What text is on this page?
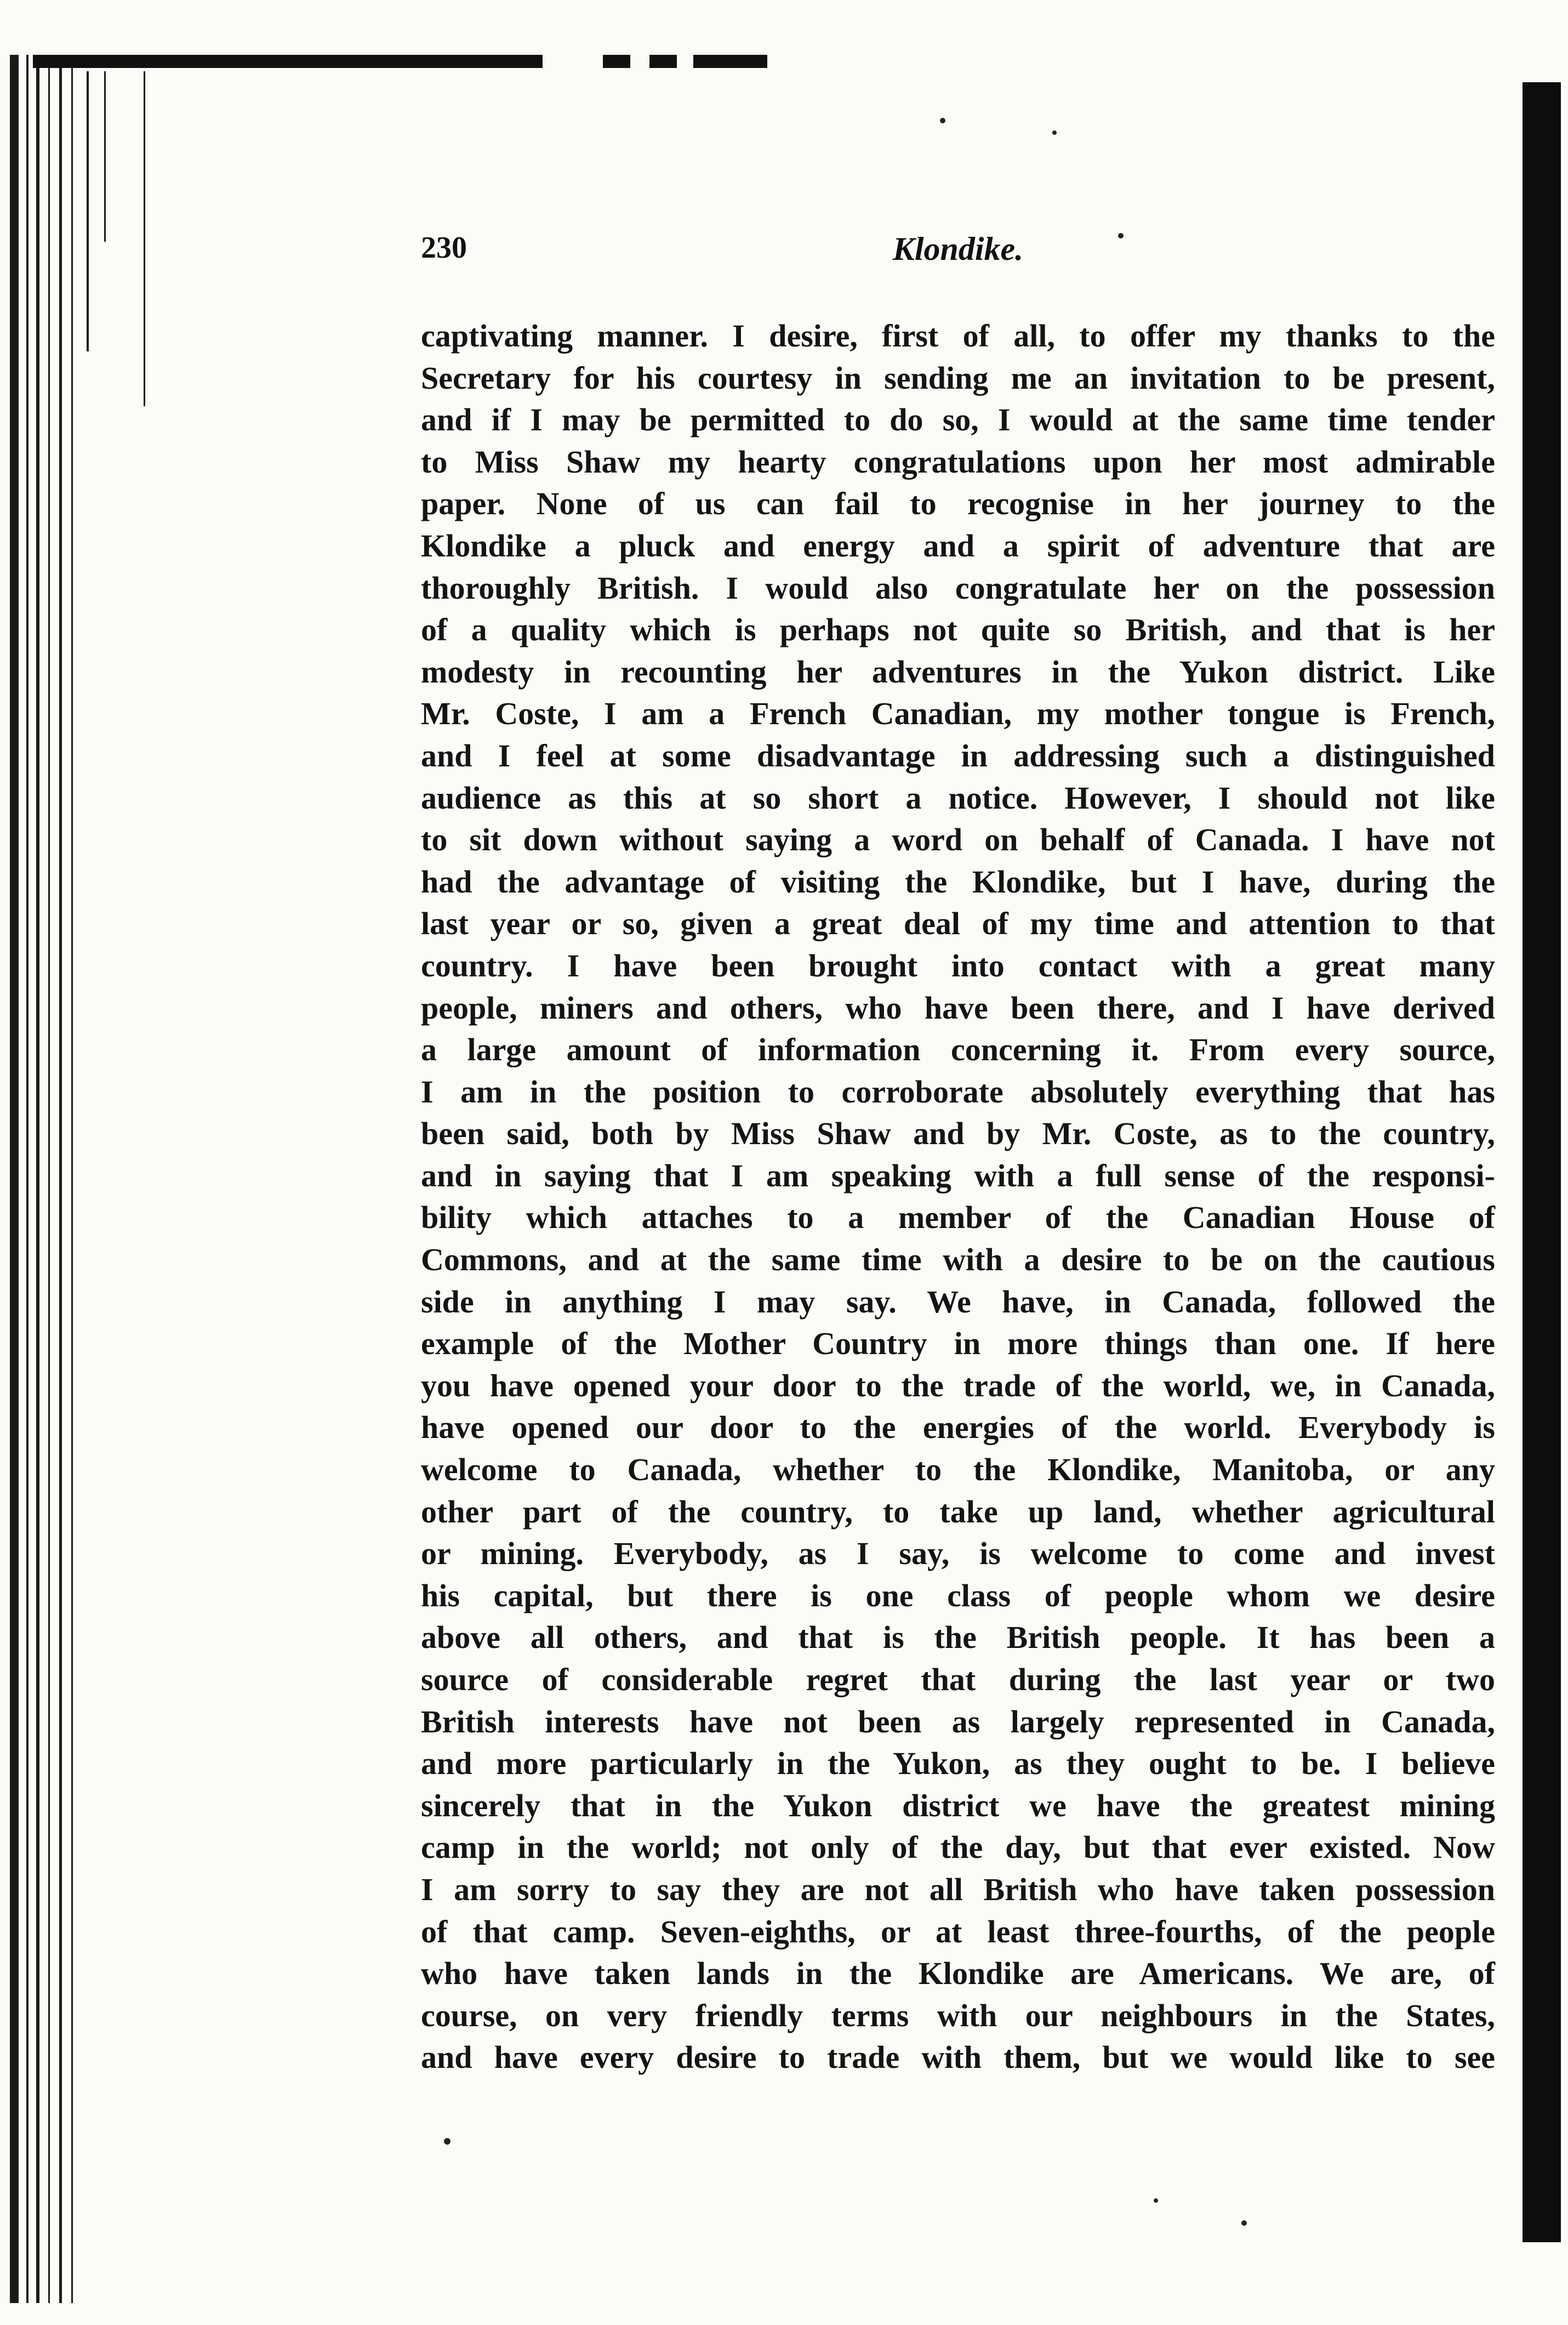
230	Klondike.
captivating manner. I desire, first of all, to offer my thanks to the
Secretary for his courtesy in sending me an invitation to be present,
and if I may be permitted to do so, I would at the same time tender
to Miss Shaw my hearty congratulations upon her most admirable
paper. None of us can fail to recognise in her journey to the
Klondike a pluck and energy and a spirit of adventure that are
thoroughly British. I would also congratulate her on the possession
of a quality which is perhaps not quite so British, and that is her
modesty in recounting her adventures in the Yukon district. Like
Mr. Coste, I am a French Canadian, my mother tongue is French,
and I feel at some disadvantage in addressing such a distinguished
audience as this at so short a notice. However, I should not like
to sit down without saying a word on behalf of Canada. I have not
had the advantage of visiting the Klondike, but I have, during the
last year or so, given a great deal of my time and attention to that
country. I have been brought into contact with a great many
people, miners and others, who have been there, and I have derived
a large amount of information concerning it. From every source,
I am in the position to corroborate absolutely everything that has
been said, both by Miss Shaw and by Mr. Coste, as to the country,
and in saying that I am speaking with a full sense of the responsi-
bility which attaches to a member of the Canadian House of
Commons, and at the same time with a desire to be on the cautious
side in anything I may say. We have, in Canada, followed the
example of the Mother Country in more things than one. If here
you have opened your door to the trade of the world, we, in Canada,
have opened our door to the energies of the world. Everybody is
welcome to Canada, whether to the Klondike, Manitoba, or any
other part of the country, to take up land, whether agricultural
or mining. Everybody, as I say, is welcome to come and invest
his capital, but there is one class of people whom we desire
above all others, and that is the British people. It has been a
source of considerable regret that during the last year or two
British interests have not been as largely represented in Canada,
and more particularly in the Yukon, as they ought to be. I believe
sincerely that in the Yukon district we have the greatest mining
camp in the world; not only of the day, but that ever existed. Now
I am sorry to say they are not all British who have taken possession
of that camp. Seven-eighths, or at least three-fourths, of the people
who have taken lands in the Klondike are Americans. We are, of
course, on very friendly terms with our neighbours in the States,
and have every desire to trade with them, but we would like to see
